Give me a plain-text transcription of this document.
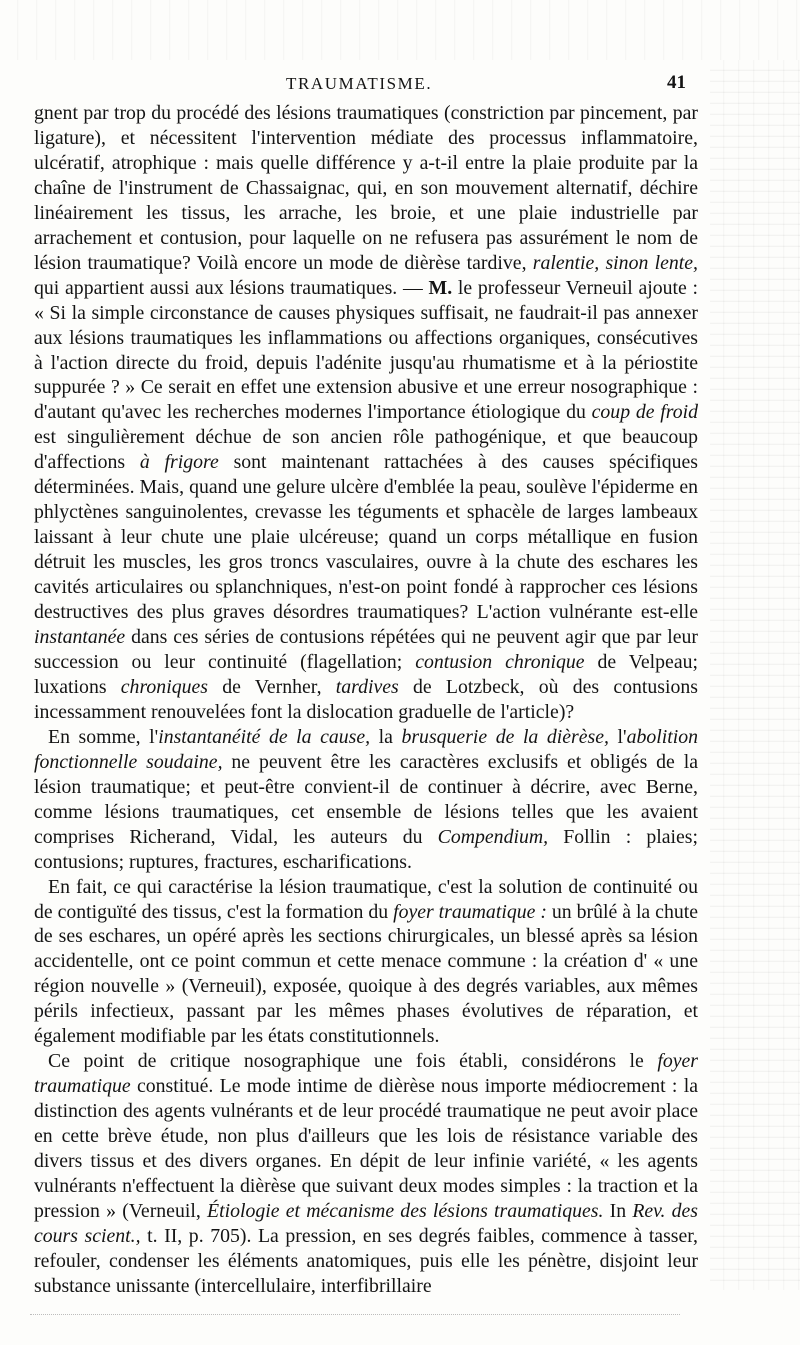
TRAUMATISME.	41

gnent par trop du procédé des lésions traumatiques (constriction par pincement, par ligature), et nécessitent l'intervention médiate des processus inflammatoire, ulcératif, atrophique : mais quelle différence y a-t-il entre la plaie produite par la chaîne de l'instrument de Chassaignac, qui, en son mouvement alternatif, déchire linéairement les tissus, les arrache, les broie, et une plaie industrielle par arrachement et contusion, pour laquelle on ne refusera pas assurément le nom de lésion traumatique? Voilà encore un mode de dièrèse tardive, ralentie, sinon lente, qui appartient aussi aux lésions traumatiques. — M. le professeur Verneuil ajoute : « Si la simple circonstance de causes physiques suffisait, ne faudrait-il pas annexer aux lésions traumatiques les inflammations ou affections organiques, consécutives à l'action directe du froid, depuis l'adénite jusqu'au rhumatisme et à la périostite suppurée ? » Ce serait en effet une extension abusive et une erreur nosographique : d'autant qu'avec les recherches modernes l'importance étiologique du coup de froid est singulièrement déchue de son ancien rôle pathogénique, et que beaucoup d'affections à frigore sont maintenant rattachées à des causes spécifiques déterminées. Mais, quand une gelure ulcère d'emblée la peau, soulève l'épiderme en phlyctènes sanguinolentes, crevasse les téguments et sphacèle de larges lambeaux laissant à leur chute une plaie ulcéreuse; quand un corps métallique en fusion détruit les muscles, les gros troncs vasculaires, ouvre à la chute des eschares les cavités articulaires ou splanchniques, n'est-on point fondé à rapprocher ces lésions destructives des plus graves désordres traumatiques? L'action vulnérante est-elle instantanée dans ces séries de contusions répétées qui ne peuvent agir que par leur succession ou leur continuité (flagellation; contusion chronique de Velpeau; luxations chroniques de Vernher, tardives de Lotzbeck, où des contusions incessamment renouvelées font la dislocation graduelle de l'article)?

En somme, l'instantanéité de la cause, la brusquerie de la dièrèse, l'abolition fonctionnelle soudaine, ne peuvent être les caractères exclusifs et obligés de la lésion traumatique; et peut-être convient-il de continuer à décrire, avec Berne, comme lésions traumatiques, cet ensemble de lésions telles que les avaient comprises Richerand, Vidal, les auteurs du Compendium, Follin : plaies; contusions; ruptures, fractures, escharifications.

En fait, ce qui caractérise la lésion traumatique, c'est la solution de continuité ou de contiguïté des tissus, c'est la formation du foyer traumatique : un brûlé à la chute de ses eschares, un opéré après les sections chirurgicales, un blessé après sa lésion accidentelle, ont ce point commun et cette menace commune : la création d' « une région nouvelle » (Verneuil), exposée, quoique à des degrés variables, aux mêmes périls infectieux, passant par les mêmes phases évolutives de réparation, et également modifiable par les états constitutionnels.

Ce point de critique nosographique une fois établi, considérons le foyer traumatique constitué. Le mode intime de dièrèse nous importe médiocrement : la distinction des agents vulnérants et de leur procédé traumatique ne peut avoir place en cette brève étude, non plus d'ailleurs que les lois de résistance variable des divers tissus et des divers organes. En dépit de leur infinie variété, « les agents vulnérants n'effectuent la dièrèse que suivant deux modes simples : la traction et la pression » (Verneuil, Étiologie et mécanisme des lésions traumatiques. In Rev. des cours scient., t. II, p. 705). La pression, en ses degrés faibles, commence à tasser, refouler, condenser les éléments anatomiques, puis elle les pénètre, disjoint leur substance unissante (intercellulaire, interfibrillaire
